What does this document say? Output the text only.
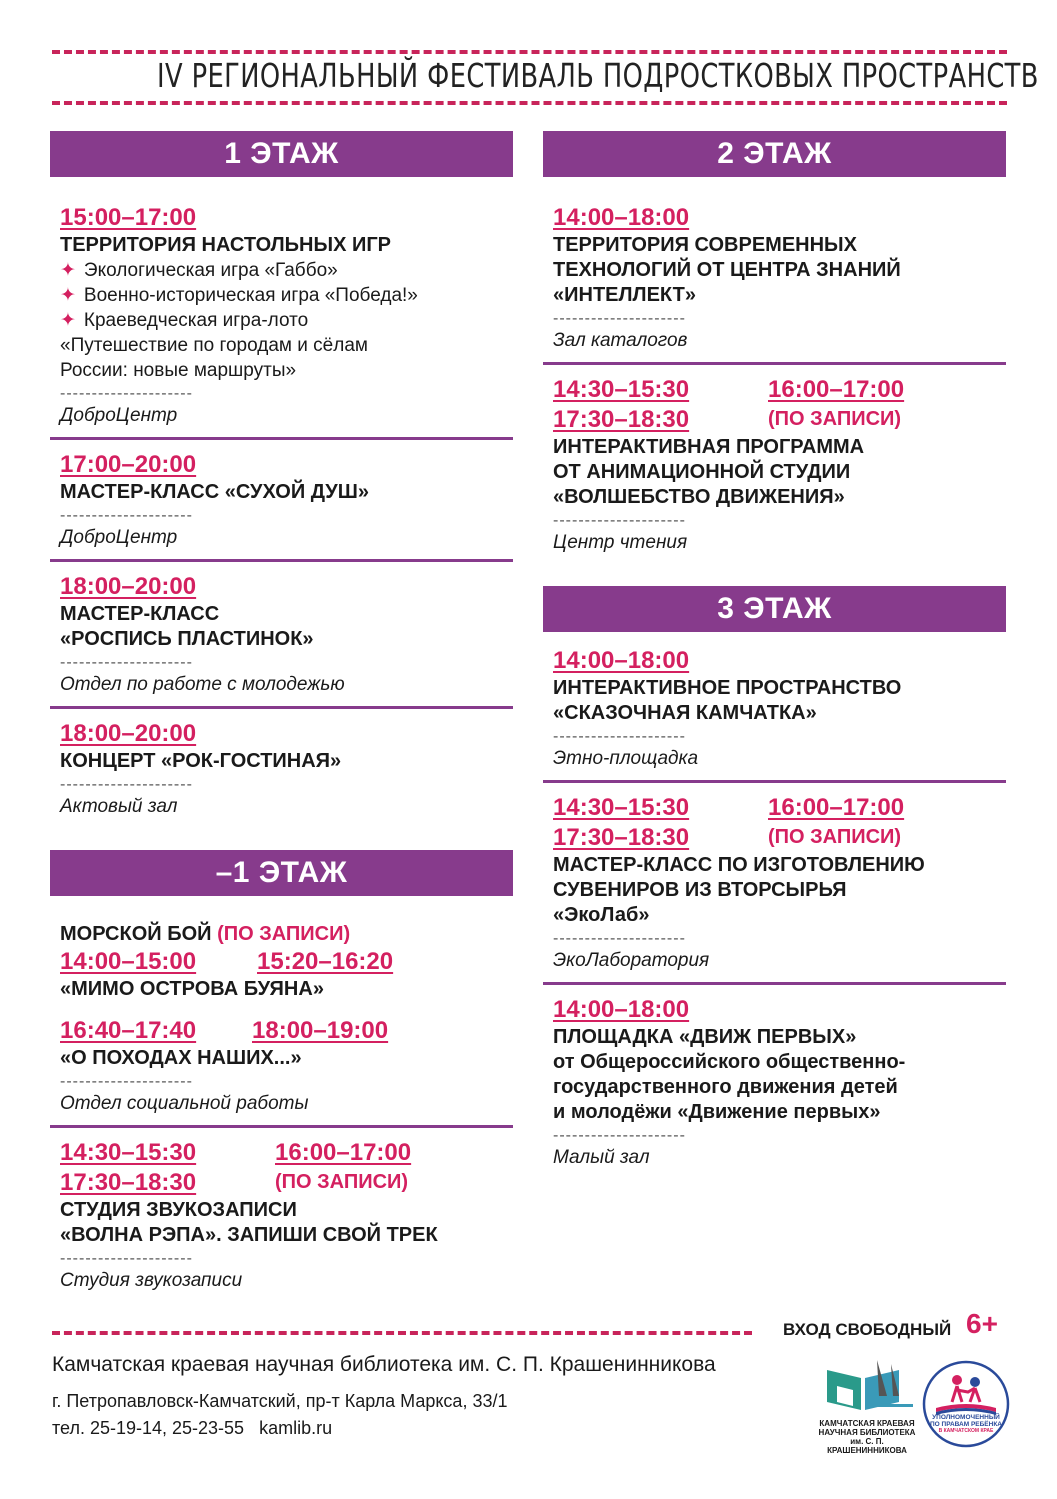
IV РЕГИОНАЛЬНЫЙ ФЕСТИВАЛЬ ПОДРОСТКОВЫХ ПРОСТРАНСТВ
1 ЭТАЖ
15:00–17:00
ТЕРРИТОРИЯ НАСТОЛЬНЫХ ИГР
✦ Экологическая игра «Габбо»
✦ Военно-историческая игра «Победа!»
✦ Краеведческая игра-лото
«Путешествие по городам и сёлам
России: новые маршруты»
---------------------
ДоброЦентр
17:00–20:00
МАСТЕР-КЛАСС «СУХОЙ ДУШ»
---------------------
ДоброЦентр
18:00–20:00
МАСТЕР-КЛАСС
«РОСПИСЬ ПЛАСТИНОК»
---------------------
Отдел по работе с молодежью
18:00–20:00
КОНЦЕРТ «РОК-ГОСТИНАЯ»
---------------------
Актовый зал
–1 ЭТАЖ
МОРСКОЙ БОЙ (ПО ЗАПИСИ)
14:00–15:00	15:20–16:20
«МИМО ОСТРОВА БУЯНА»
16:40–17:40	18:00–19:00
«О ПОХОДАХ НАШИХ...»
---------------------
Отдел социальной работы
14:30–15:30	16:00–17:00
17:30–18:30	(ПО ЗАПИСИ)
СТУДИЯ ЗВУКОЗАПИСИ
«ВОЛНА РЭПА». ЗАПИШИ СВОЙ ТРЕК
---------------------
Студия звукозаписи
2 ЭТАЖ
14:00–18:00
ТЕРРИТОРИЯ СОВРЕМЕННЫХ
ТЕХНОЛОГИЙ ОТ ЦЕНТРА ЗНАНИЙ
«ИНТЕЛЛЕКТ»
---------------------
Зал каталогов
14:30–15:30	16:00–17:00
17:30–18:30	(ПО ЗАПИСИ)
ИНТЕРАКТИВНАЯ ПРОГРАММА
ОТ АНИМАЦИОННОЙ СТУДИИ
«ВОЛШЕБСТВО ДВИЖЕНИЯ»
---------------------
Центр чтения
3 ЭТАЖ
14:00–18:00
ИНТЕРАКТИВНОЕ ПРОСТРАНСТВО
«СКАЗОЧНАЯ КАМЧАТКА»
---------------------
Этно-площадка
14:30–15:30	16:00–17:00
17:30–18:30	(ПО ЗАПИСИ)
МАСТЕР-КЛАСС ПО ИЗГОТОВЛЕНИЮ
СУВЕНИРОВ ИЗ ВТОРСЫРЬЯ
«ЭкоЛаб»
---------------------
ЭкоЛаборатория
14:00–18:00
ПЛОЩАДКА «ДВИЖ ПЕРВЫХ»
от Общероссийского общественно-
государственного движения детей
и молодёжи «Движение первых»
---------------------
Малый зал
ВХОД СВОБОДНЫЙ 6+
Камчатская краевая научная библиотека им. С. П. Крашенинникова
г. Петропавловск-Камчатский, пр-т Карла Маркса, 33/1
тел. 25-19-14, 25-23-55 kamlib.ru	КАМЧАТСКАЯ КРАЕВАЯ
НАУЧНАЯ БИБЛИОТЕКА
им. С. П. КРАШЕНИННИКОВА
УПОЛНОМОЧЕННЫЙ
ПО ПРАВАМ РЕБЁНКА
В КАМЧАТСКОМ КРАЕ
